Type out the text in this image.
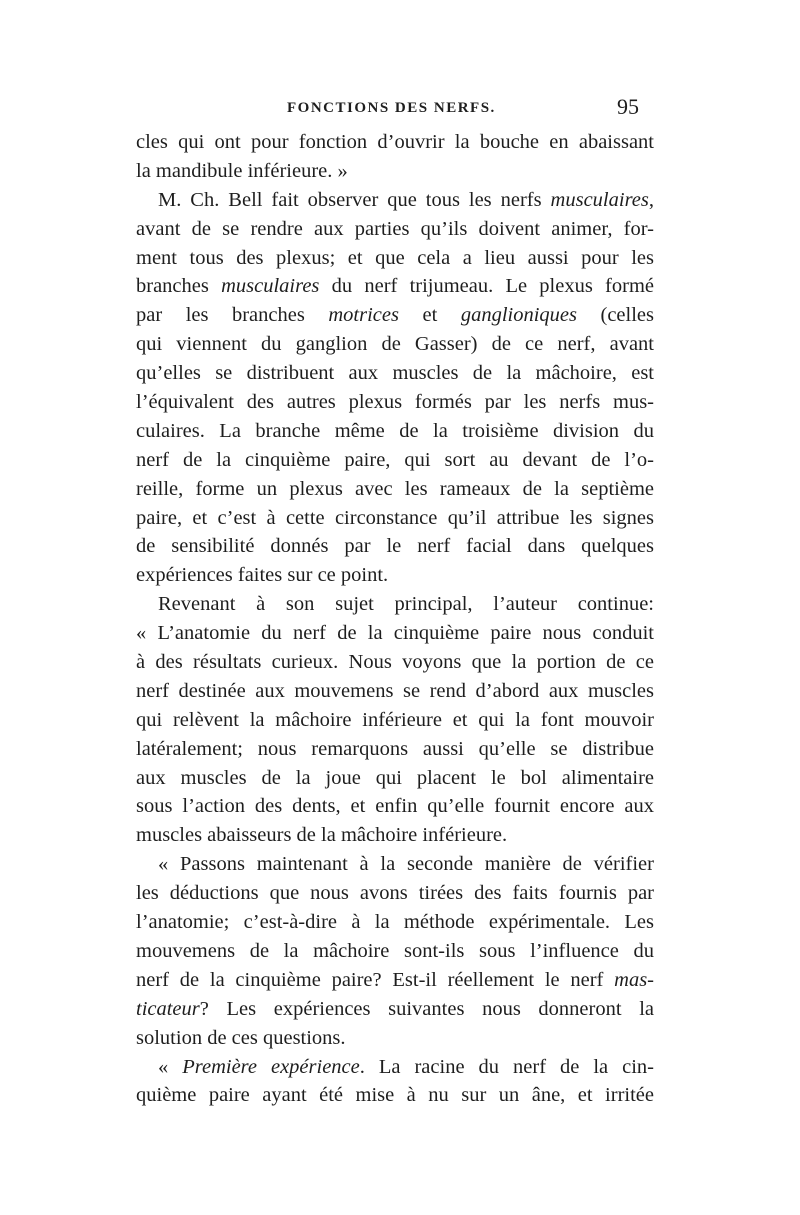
FONCTIONS DES NERFS.	95
cles qui ont pour fonction d’ouvrir la bouche en abaissant
la mandibule inférieure. »
M. Ch. Bell fait observer que tous les nerfs musculaires,
avant de se rendre aux parties qu’ils doivent animer, for-
ment tous des plexus; et que cela a lieu aussi pour les
branches musculaires du nerf trijumeau. Le plexus formé
par les branches motrices et ganglioniques (celles
qui viennent du ganglion de Gasser) de ce nerf, avant
qu’elles se distribuent aux muscles de la mâchoire, est
l’équivalent des autres plexus formés par les nerfs mus-
culaires. La branche même de la troisième division du
nerf de la cinquième paire, qui sort au devant de l’o-
reille, forme un plexus avec les rameaux de la septième
paire, et c’est à cette circonstance qu’il attribue les signes
de sensibilité donnés par le nerf facial dans quelques
expériences faites sur ce point.
Revenant à son sujet principal, l’auteur continue:
« L’anatomie du nerf de la cinquième paire nous conduit
à des résultats curieux. Nous voyons que la portion de ce
nerf destinée aux mouvemens se rend d’abord aux muscles
qui relèvent la mâchoire inférieure et qui la font mouvoir
latéralement; nous remarquons aussi qu’elle se distribue
aux muscles de la joue qui placent le bol alimentaire
sous l’action des dents, et enfin qu’elle fournit encore aux
muscles abaisseurs de la mâchoire inférieure.
« Passons maintenant à la seconde manière de vérifier
les déductions que nous avons tirées des faits fournis par
l’anatomie; c’est-à-dire à la méthode expérimentale. Les
mouvemens de la mâchoire sont-ils sous l’influence du
nerf de la cinquième paire? Est-il réellement le nerf mas-
ticateur? Les expériences suivantes nous donneront la
solution de ces questions.
« Première expérience. La racine du nerf de la cin-
quième paire ayant été mise à nu sur un âne, et irritée
